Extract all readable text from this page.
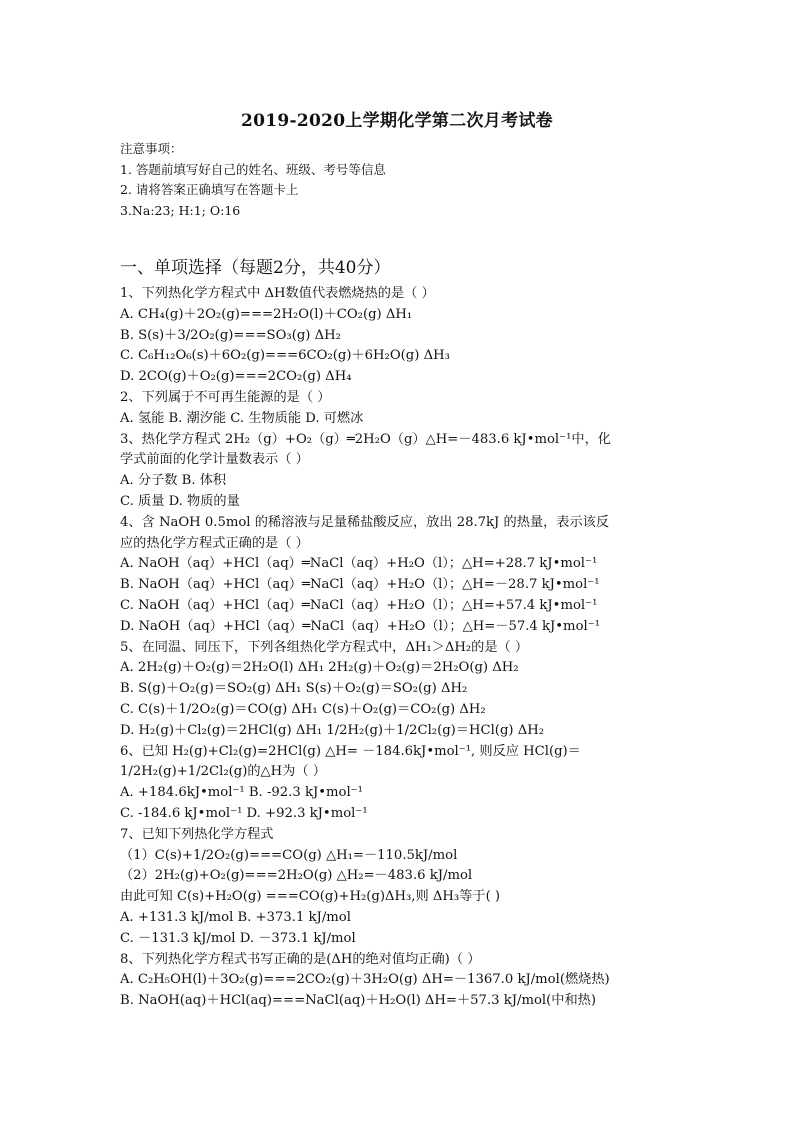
2019-2020上学期化学第二次月考试卷
注意事项：
1. 答题前填写好自己的姓名、班级、考号等信息
2. 请将答案正确填写在答题卡上
3.Na:23; H:1; O:16
一、单项选择（每题2分，共40分）
1、下列热化学方程式中 ΔH数值代表燃烧热的是（ ）
A. CH₄(g)＋2O₂(g)===2H₂O(l)＋CO₂(g) ΔH₁
B. S(s)＋3/2O₂(g)===SO₃(g) ΔH₂
C. C₆H₁₂O₆(s)＋6O₂(g)===6CO₂(g)＋6H₂O(g) ΔH₃
D. 2CO(g)＋O₂(g)===2CO₂(g) ΔH₄
2、下列属于不可再生能源的是（ ）
A. 氢能 B. 潮汐能 C. 生物质能 D. 可燃冰
3、热化学方程式 2H₂（g）+O₂（g）═2H₂O（g）△H=－483.6 kJ•mol⁻¹中，化
学式前面的化学计量数表示（ ）
A. 分子数 B. 体积
C. 质量 D. 物质的量
4、含 NaOH 0.5mol 的稀溶液与足量稀盐酸反应，放出 28.7kJ 的热量，表示该反
应的热化学方程式正确的是（ ）
A. NaOH（aq）+HCl（aq）═NaCl（aq）+H₂O（l）；△H=+28.7 kJ•mol⁻¹
B. NaOH（aq）+HCl（aq）═NaCl（aq）+H₂O（l）；△H=－28.7 kJ•mol⁻¹
C. NaOH（aq）+HCl（aq）═NaCl（aq）+H₂O（l）；△H=+57.4 kJ•mol⁻¹
D. NaOH（aq）+HCl（aq）═NaCl（aq）+H₂O（l）；△H=－57.4 kJ•mol⁻¹
5、在同温、同压下，下列各组热化学方程式中，ΔH₁＞ΔH₂的是（ ）
A. 2H₂(g)＋O₂(g)＝2H₂O(l) ΔH₁ 2H₂(g)＋O₂(g)＝2H₂O(g) ΔH₂
B. S(g)＋O₂(g)＝SO₂(g) ΔH₁ S(s)＋O₂(g)＝SO₂(g) ΔH₂
C. C(s)＋1/2O₂(g)＝CO(g) ΔH₁ C(s)＋O₂(g)＝CO₂(g) ΔH₂
D. H₂(g)＋Cl₂(g)＝2HCl(g) ΔH₁ 1/2H₂(g)＋1/2Cl₂(g)＝HCl(g) ΔH₂
6、已知 H₂(g)+Cl₂(g)=2HCl(g) △H= －184.6kJ•mol⁻¹, 则反应 HCl(g)＝
1/2H₂(g)+1/2Cl₂(g)的△H为（ ）
A. +184.6kJ•mol⁻¹ B. -92.3 kJ•mol⁻¹
C. -184.6 kJ•mol⁻¹ D. +92.3 kJ•mol⁻¹
7、已知下列热化学方程式
（1）C(s)+1/2O₂(g)===CO(g) △H₁=－110.5kJ/mol
（2）2H₂(g)+O₂(g)===2H₂O(g) △H₂=－483.6 kJ/mol
由此可知 C(s)+H₂O(g) ===CO(g)+H₂(g)ΔH₃,则 ΔH₃等于( )
A. +131.3 kJ/mol B. +373.1 kJ/mol
C. －131.3 kJ/mol D. －373.1 kJ/mol
8、下列热化学方程式书写正确的是(ΔH的绝对值均正确)（ ）
A. C₂H₅OH(l)＋3O₂(g)===2CO₂(g)＋3H₂O(g) ΔH=－1367.0 kJ/mol(燃烧热)
B. NaOH(aq)＋HCl(aq)===NaCl(aq)＋H₂O(l) ΔH=＋57.3 kJ/mol(中和热)
